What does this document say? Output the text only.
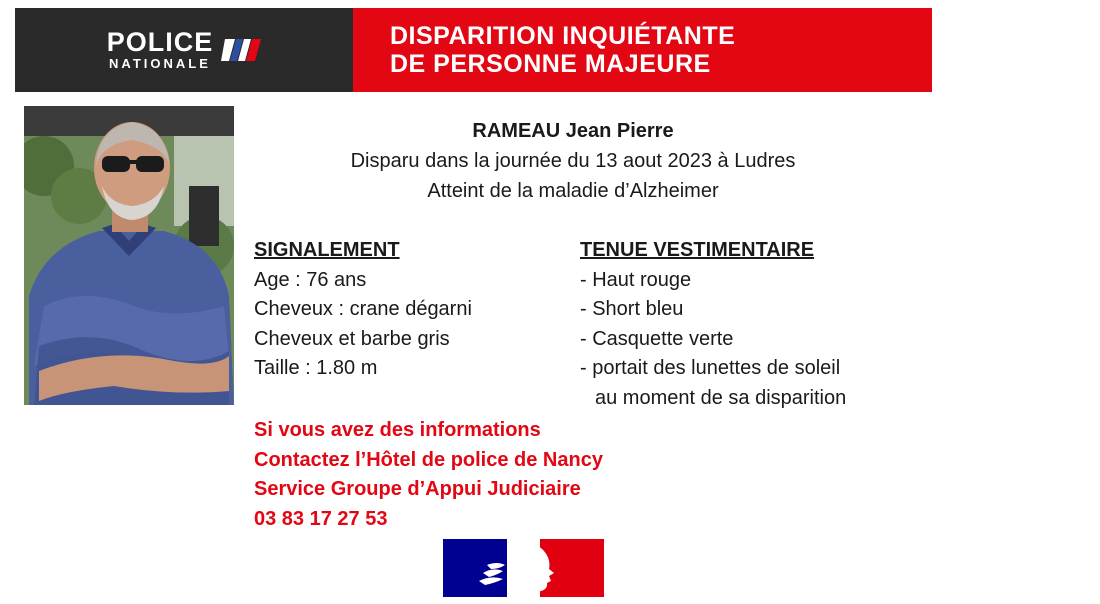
POLICE
NATIONALE
DISPARITION INQUIÉTANTE
DE PERSONNE MAJEURE
RAMEAU Jean Pierre
Disparu dans la journée du 13 aout 2023 à Ludres
Atteint de la maladie d’Alzheimer
SIGNALEMENT
Age : 76 ans
Cheveux : crane dégarni
Cheveux et barbe gris
Taille : 1.80 m
TENUE VESTIMENTAIRE
- Haut rouge
- Short bleu
- Casquette verte
- portait des lunettes de soleil
au moment de sa disparition
Si vous avez des informations
Contactez l’Hôtel de police de Nancy
Service Groupe d’Appui Judiciaire
03 83 17 27 53
